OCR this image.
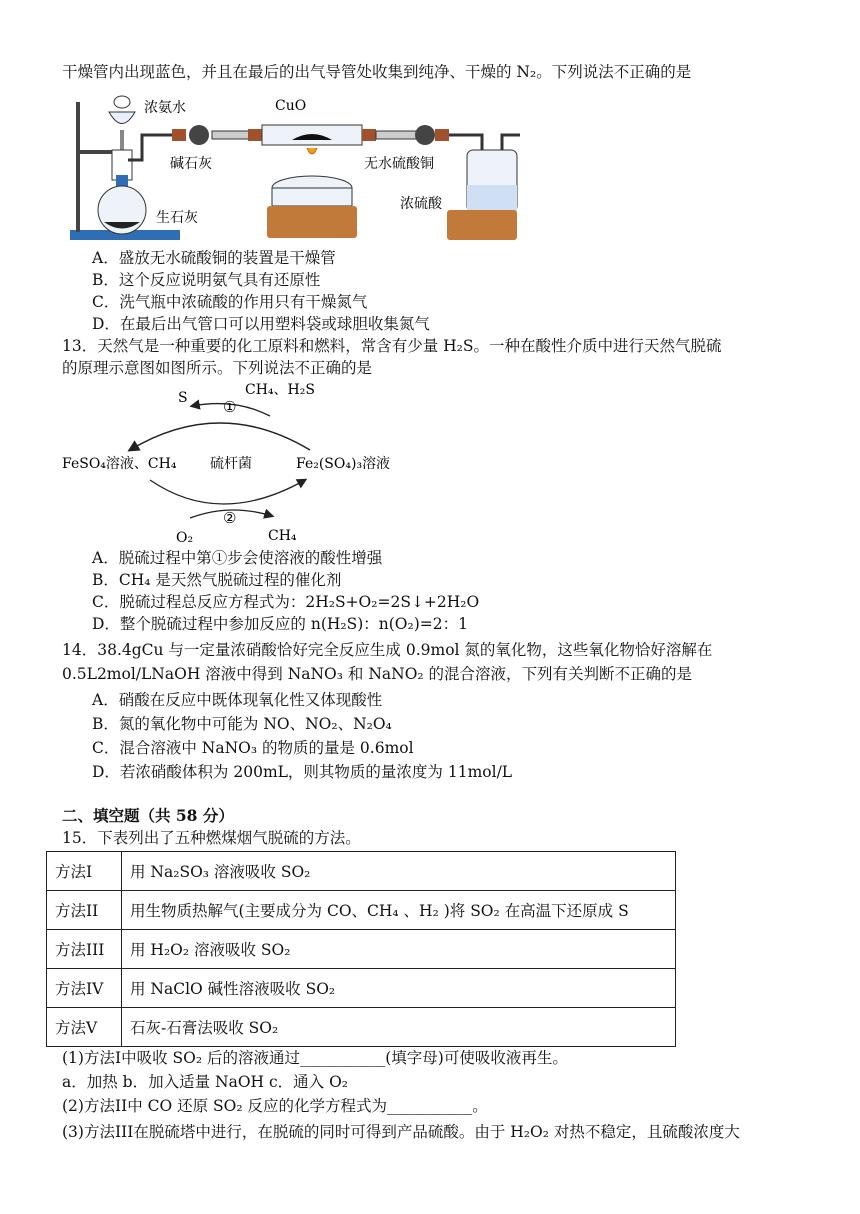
干燥管内出现蓝色，并且在最后的出气导管处收集到纯净、干燥的 N₂。下列说法不正确的是
浓氨水	CuO
碱石灰	无水硫酸铜
生石灰
浓硫酸
A．盛放无水硫酸铜的装置是干燥管
B．这个反应说明氨气具有还原性
C．洗气瓶中浓硫酸的作用只有干燥氮气
D．在最后出气管口可以用塑料袋或球胆收集氮气
13．天然气是一种重要的化工原料和燃料，常含有少量 H₂S。一种在酸性介质中进行天然气脱硫
的原理示意图如图所示。下列说法不正确的是
S ①
CH₄、H₂S
FeSO₄溶液、CH₄ 硫杆菌	Fe₂(SO₄)₃溶液
O₂
②
CH₄
A．脱硫过程中第①步会使溶液的酸性增强
B．CH₄ 是天然气脱硫过程的催化剂
C．脱硫过程总反应方程式为：2H₂S+O₂=2S↓+2H₂O
D．整个脱硫过程中参加反应的 n(H₂S)：n(O₂)=2：1
14．38.4gCu 与一定量浓硝酸恰好完全反应生成 0.9mol 氮的氧化物，这些氧化物恰好溶解在
0.5L2mol/LNaOH 溶液中得到 NaNO₃ 和 NaNO₂ 的混合溶液，下列有关判断不正确的是
A．硝酸在反应中既体现氧化性又体现酸性
B．氮的氧化物中可能为 NO、NO₂、N₂O₄
C．混合溶液中 NaNO₃ 的物质的量是 0.6mol
D．若浓硝酸体积为 200mL，则其物质的量浓度为 11mol/L
二、填空题（共 58 分）
15．下表列出了五种燃煤烟气脱硫的方法。
方法I	用 Na₂SO₃ 溶液吸收 SO₂
方法II	用生物质热解气(主要成分为 CO、CH₄ 、H₂ )将 SO₂ 在高温下还原成 S
方法III	用 H₂O₂ 溶液吸收 SO₂
方法IV	用 NaClO 碱性溶液吸收 SO₂
方法V	石灰-石膏法吸收 SO₂
(1)方法I中吸收 SO₂ 后的溶液通过___________(填字母)可使吸收液再生。
a．加热 b．加入适量 NaOH c．通入 O₂
(2)方法II中 CO 还原 SO₂ 反应的化学方程式为___________。
(3)方法III在脱硫塔中进行，在脱硫的同时可得到产品硫酸。由于 H₂O₂ 对热不稳定，且硫酸浓度大
